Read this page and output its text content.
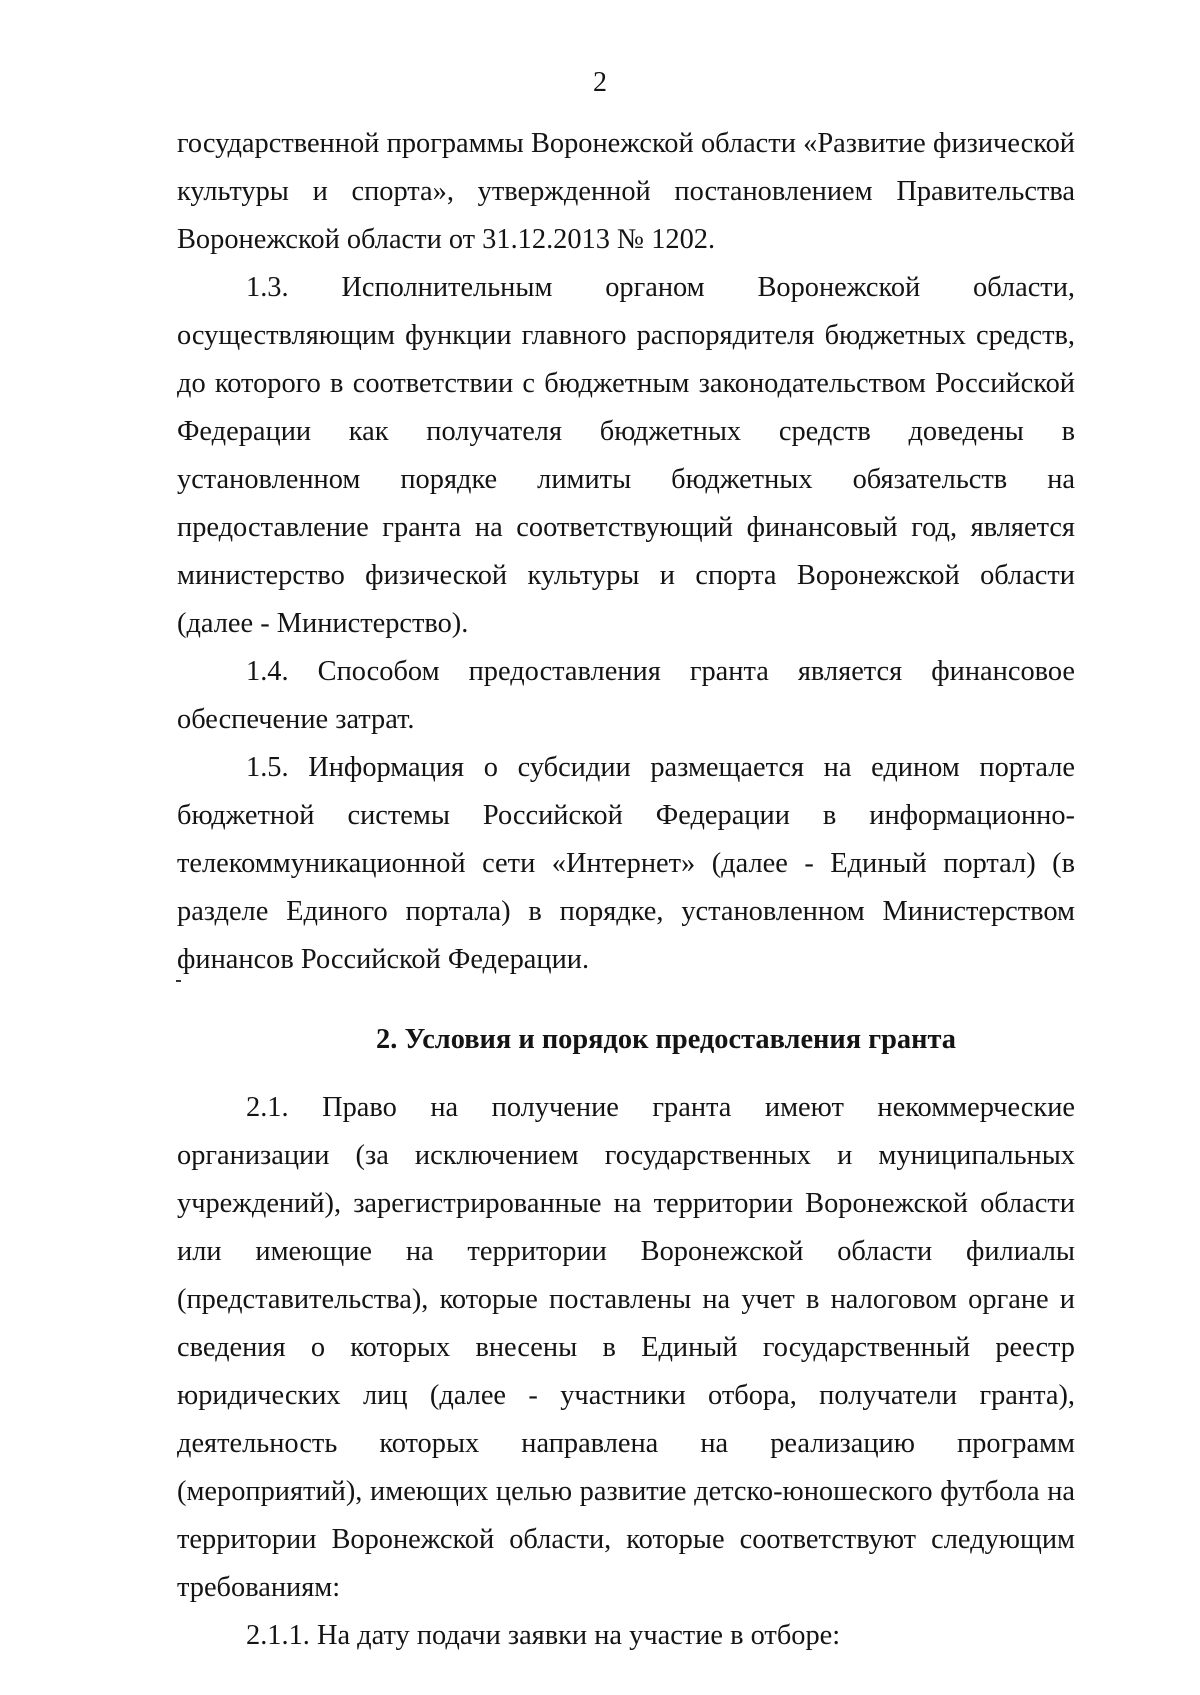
2

государственной программы Воронежской области «Развитие физической культуры и спорта», утвержденной постановлением Правительства Воронежской области от 31.12.2013 № 1202.

1.3. Исполнительным органом Воронежской области, осуществляющим функции главного распорядителя бюджетных средств, до которого в соответствии с бюджетным законодательством Российской Федерации как получателя бюджетных средств доведены в установленном порядке лимиты бюджетных обязательств на предоставление гранта на соответствующий финансовый год, является министерство физической культуры и спорта Воронежской области (далее - Министерство).

1.4. Способом предоставления гранта является финансовое обеспечение затрат.

1.5. Информация о субсидии размещается на едином портале бюджетной системы Российской Федерации в информационно-телекоммуникационной сети «Интернет» (далее - Единый портал) (в разделе Единого портала) в порядке, установленном Министерством финансов Российской Федерации.

2. Условия и порядок предоставления гранта

2.1. Право на получение гранта имеют некоммерческие организации (за исключением государственных и муниципальных учреждений), зарегистрированные на территории Воронежской области или имеющие на территории Воронежской области филиалы (представительства), которые поставлены на учет в налоговом органе и сведения о которых внесены в Единый государственный реестр юридических лиц (далее - участники отбора, получатели гранта), деятельность которых направлена на реализацию программ (мероприятий), имеющих целью развитие детско-юношеского футбола на территории Воронежской области, которые соответствуют следующим требованиям:

2.1.1. На дату подачи заявки на участие в отборе:
